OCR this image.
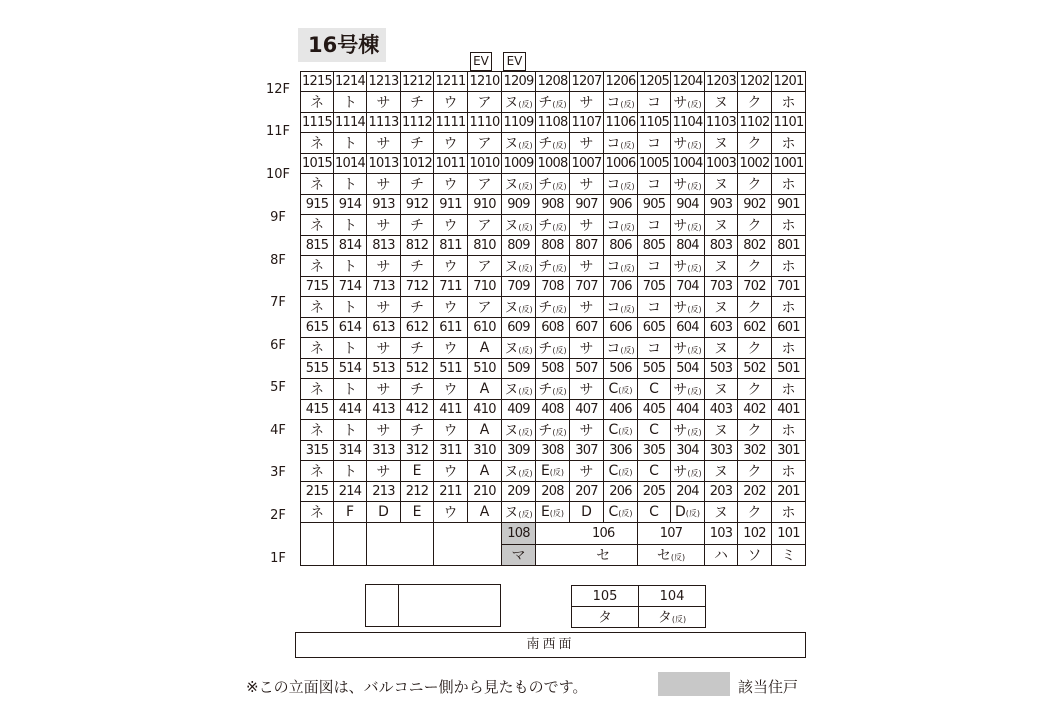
16号棟
EV EV
12F
11F
10F
9F
8F
7F
6F
5F
4F
3F
2F
1F
1215	1214	1213	1212	1211	1210	1209	1208	1207	1206	1205	1204	1203	1202	1201
ネ	ト	サ	チ	ウ	ア	ヌ(反)	チ(反)	サ	コ(反)	コ	サ(反)	ヌ	ク	ホ
1115	1114	1113	1112	1111	1110	1109	1108	1107	1106	1105	1104	1103	1102	1101
ネ	ト	サ	チ	ウ	ア	ヌ(反)	チ(反)	サ	コ(反)	コ	サ(反)	ヌ	ク	ホ
1015	1014	1013	1012	1011	1010	1009	1008	1007	1006	1005	1004	1003	1002	1001
ネ	ト	サ	チ	ウ	ア	ヌ(反)	チ(反)	サ	コ(反)	コ	サ(反)	ヌ	ク	ホ
915	914	913	912	911	910	909	908	907	906	905	904	903	902	901
ネ	ト	サ	チ	ウ	ア	ヌ(反)	チ(反)	サ	コ(反)	コ	サ(反)	ヌ	ク	ホ
815	814	813	812	811	810	809	808	807	806	805	804	803	802	801
ネ	ト	サ	チ	ウ	ア	ヌ(反)	チ(反)	サ	コ(反)	コ	サ(反)	ヌ	ク	ホ
715	714	713	712	711	710	709	708	707	706	705	704	703	702	701
ネ	ト	サ	チ	ウ	ア	ヌ(反)	チ(反)	サ	コ(反)	コ	サ(反)	ヌ	ク	ホ
615	614	613	612	611	610	609	608	607	606	605	604	603	602	601
ネ	ト	サ	チ	ウ	A	ヌ(反)	チ(反)	サ	コ(反)	コ	サ(反)	ヌ	ク	ホ
515	514	513	512	511	510	509	508	507	506	505	504	503	502	501
ネ	ト	サ	チ	ウ	A	ヌ(反)	チ(反)	サ	C(反)	C	サ(反)	ヌ	ク	ホ
415	414	413	412	411	410	409	408	407	406	405	404	403	402	401
ネ	ト	サ	チ	ウ	A	ヌ(反)	チ(反)	サ	C(反)	C	サ(反)	ヌ	ク	ホ
315	314	313	312	311	310	309	308	307	306	305	304	303	302	301
ネ	ト	サ	E	ウ	A	ヌ(反)	E(反)	サ	C(反)	C	サ(反)	ヌ	ク	ホ
215	214	213	212	211	210	209	208	207	206	205	204	203	202	201
ネ	F	D	E	ウ	A	ヌ(反)	E(反)	D	C(反)	C	D(反)	ヌ	ク	ホ
						108		106		107		103	102	101
						マ		セ		セ(反)		ハ	ソ	ミ
105	104
タ	タ(反)
南西面
※この立面図は、バルコニー側から見たものです。	該当住戸
